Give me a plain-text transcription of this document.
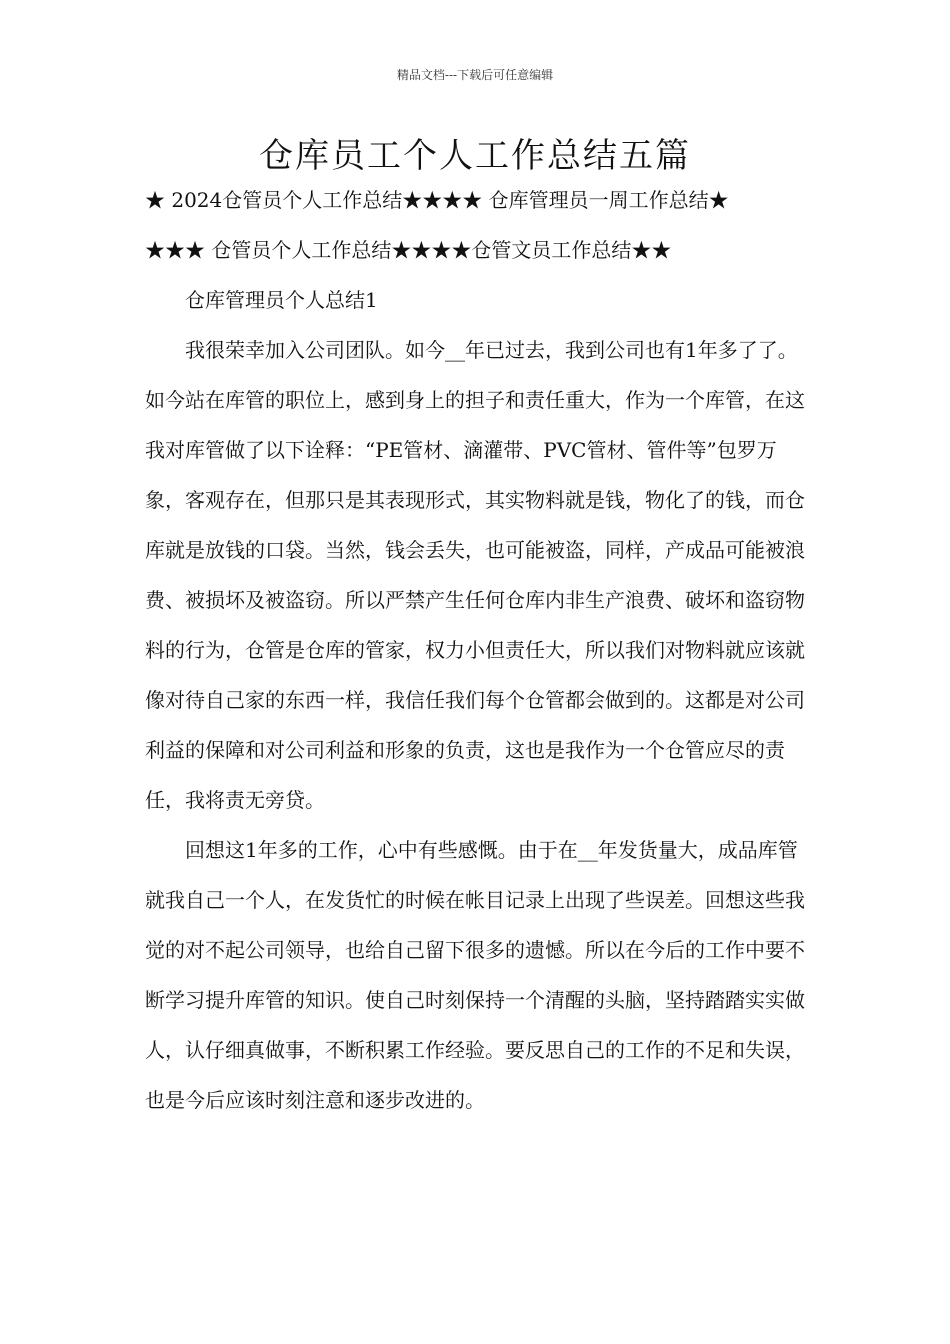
精品文档---下载后可任意编辑
仓库员工个人工作总结五篇

★ 2024仓管员个人工作总结★★★★ 仓库管理员一周工作总结★

★★★ 仓管员个人工作总结★★★★仓管文员工作总结★★

仓库管理员个人总结1

我很荣幸加入公司团队。如今__年已过去，我到公司也有1年多了了。如今站在库管的职位上，感到身上的担子和责任重大，作为一个库管，在这我对库管做了以下诠释：“PE管材、滴灌带、PVC管材、管件等”包罗万象，客观存在，但那只是其表现形式，其实物料就是钱，物化了的钱，而仓库就是放钱的口袋。当然，钱会丢失，也可能被盗，同样，产成品可能被浪费、被损坏及被盗窃。所以严禁产生任何仓库内非生产浪费、破坏和盗窃物料的行为，仓管是仓库的管家，权力小但责任大，所以我们对物料就应该就像对待自己家的东西一样，我信任我们每个仓管都会做到的。这都是对公司利益的保障和对公司利益和形象的负责，这也是我作为一个仓管应尽的责任，我将责无旁贷。

回想这1年多的工作，心中有些感慨。由于在__年发货量大，成品库管就我自己一个人，在发货忙的时候在帐目记录上出现了些误差。回想这些我觉的对不起公司领导，也给自己留下很多的遗憾。所以在今后的工作中要不断学习提升库管的知识。使自己时刻保持一个清醒的头脑，坚持踏踏实实做人，认仔细真做事，不断积累工作经验。要反思自己的工作的不足和失误，也是今后应该时刻注意和逐步改进的。
